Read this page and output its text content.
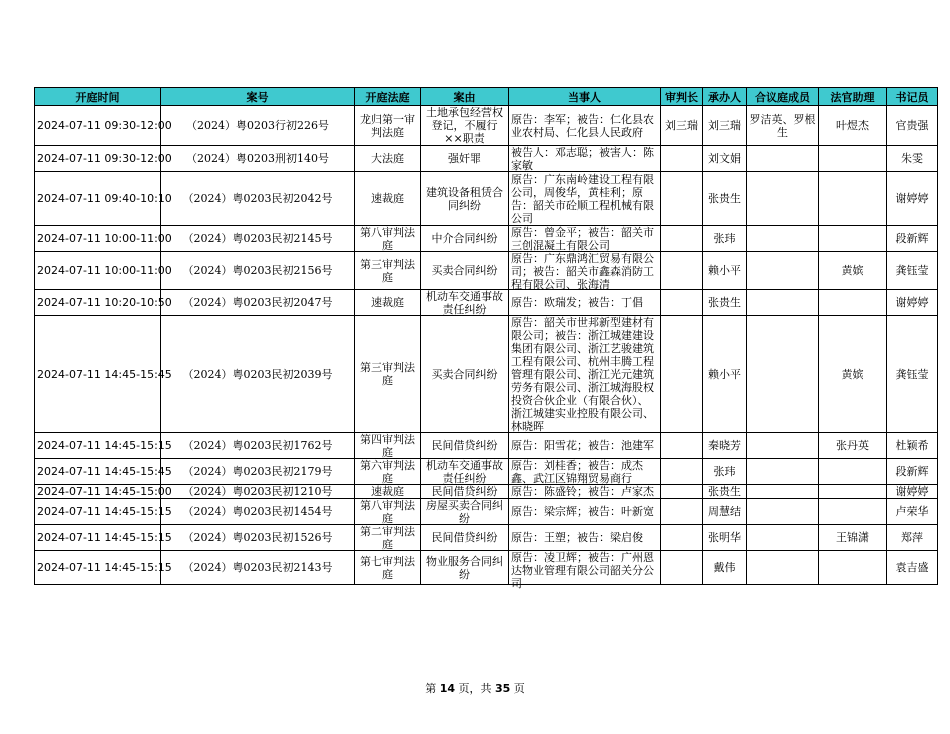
开庭时间	案号	开庭法庭	案由	当事人	审判长	承办人	合议庭成员	法官助理	书记员

2024-07-11 09:30-12:00	（2024）粤0203行初226号	龙归第一审判法庭	土地承包经营权登记，不履行××职责	原告：李军；被告：仁化县农业农村局、仁化县人民政府	刘三瑞	刘三瑞	罗洁英、罗根生	叶煜杰	官贵强

2024-07-11 09:30-12:00	（2024）粤0203刑初140号	大法庭	强奸罪	被告人：邓志聪；被害人：陈家敏		刘文娟			朱雯

2024-07-11 09:40-10:10	（2024）粤0203民初2042号	速裁庭	建筑设备租赁合同纠纷	原告：广东南岭建设工程有限公司，周俊华，黄桂利；原告：韶关市砼顺工程机械有限公司		张贵生			谢婷婷

2024-07-11 10:00-11:00	（2024）粤0203民初2145号	第八审判法庭	中介合同纠纷	原告：曾金平；被告：韶关市三创混凝土有限公司		张玮			段新辉

2024-07-11 10:00-11:00	（2024）粤0203民初2156号	第三审判法庭	买卖合同纠纷	原告：广东鼎鸿汇贸易有限公司；被告：韶关市鑫森消防工程有限公司、张海清		赖小平		黄嫔	龚钰莹

2024-07-11 10:20-10:50	（2024）粤0203民初2047号	速裁庭	机动车交通事故责任纠纷	原告：欧瑞发；被告：丁倡		张贵生			谢婷婷

2024-07-11 14:45-15:45	（2024）粤0203民初2039号	第三审判法庭	买卖合同纠纷	原告：韶关市世邦新型建材有限公司；被告：浙江城建建设集团有限公司、浙江艺骏建筑工程有限公司、杭州丰腾工程管理有限公司、浙江光元建筑劳务有限公司、浙江城海股权投资合伙企业（有限合伙）、浙江城建实业控股有限公司、林晓晖		赖小平		黄嫔	龚钰莹

2024-07-11 14:45-15:15	（2024）粤0203民初1762号	第四审判法庭	民间借贷纠纷	原告：阳雪花；被告：池建军		秦晓芳		张丹英	杜颖希

2024-07-11 14:45-15:45	（2024）粤0203民初2179号	第六审判法庭	机动车交通事故责任纠纷	原告：刘桂香；被告：成杰鑫、武江区锦翔贸易商行		张玮			段新辉

2024-07-11 14:45-15:00	（2024）粤0203民初1210号	速裁庭	民间借贷纠纷	原告：陈盛铃；被告：卢家杰		张贵生			谢婷婷

2024-07-11 14:45-15:15	（2024）粤0203民初1454号	第八审判法庭	房屋买卖合同纠纷	原告：梁宗辉；被告：叶新宽		周慧结			卢荣华

2024-07-11 14:45-15:15	（2024）粤0203民初1526号	第二审判法庭	民间借贷纠纷	原告：王塑；被告：梁启俊		张明华		王锦潇	郑萍

2024-07-11 14:45-15:15	（2024）粤0203民初2143号	第七审判法庭	物业服务合同纠纷	原告：凌卫辉；被告：广州恩达物业管理有限公司韶关分公司		戴伟			袁吉盛
第 14 页，共 35 页
